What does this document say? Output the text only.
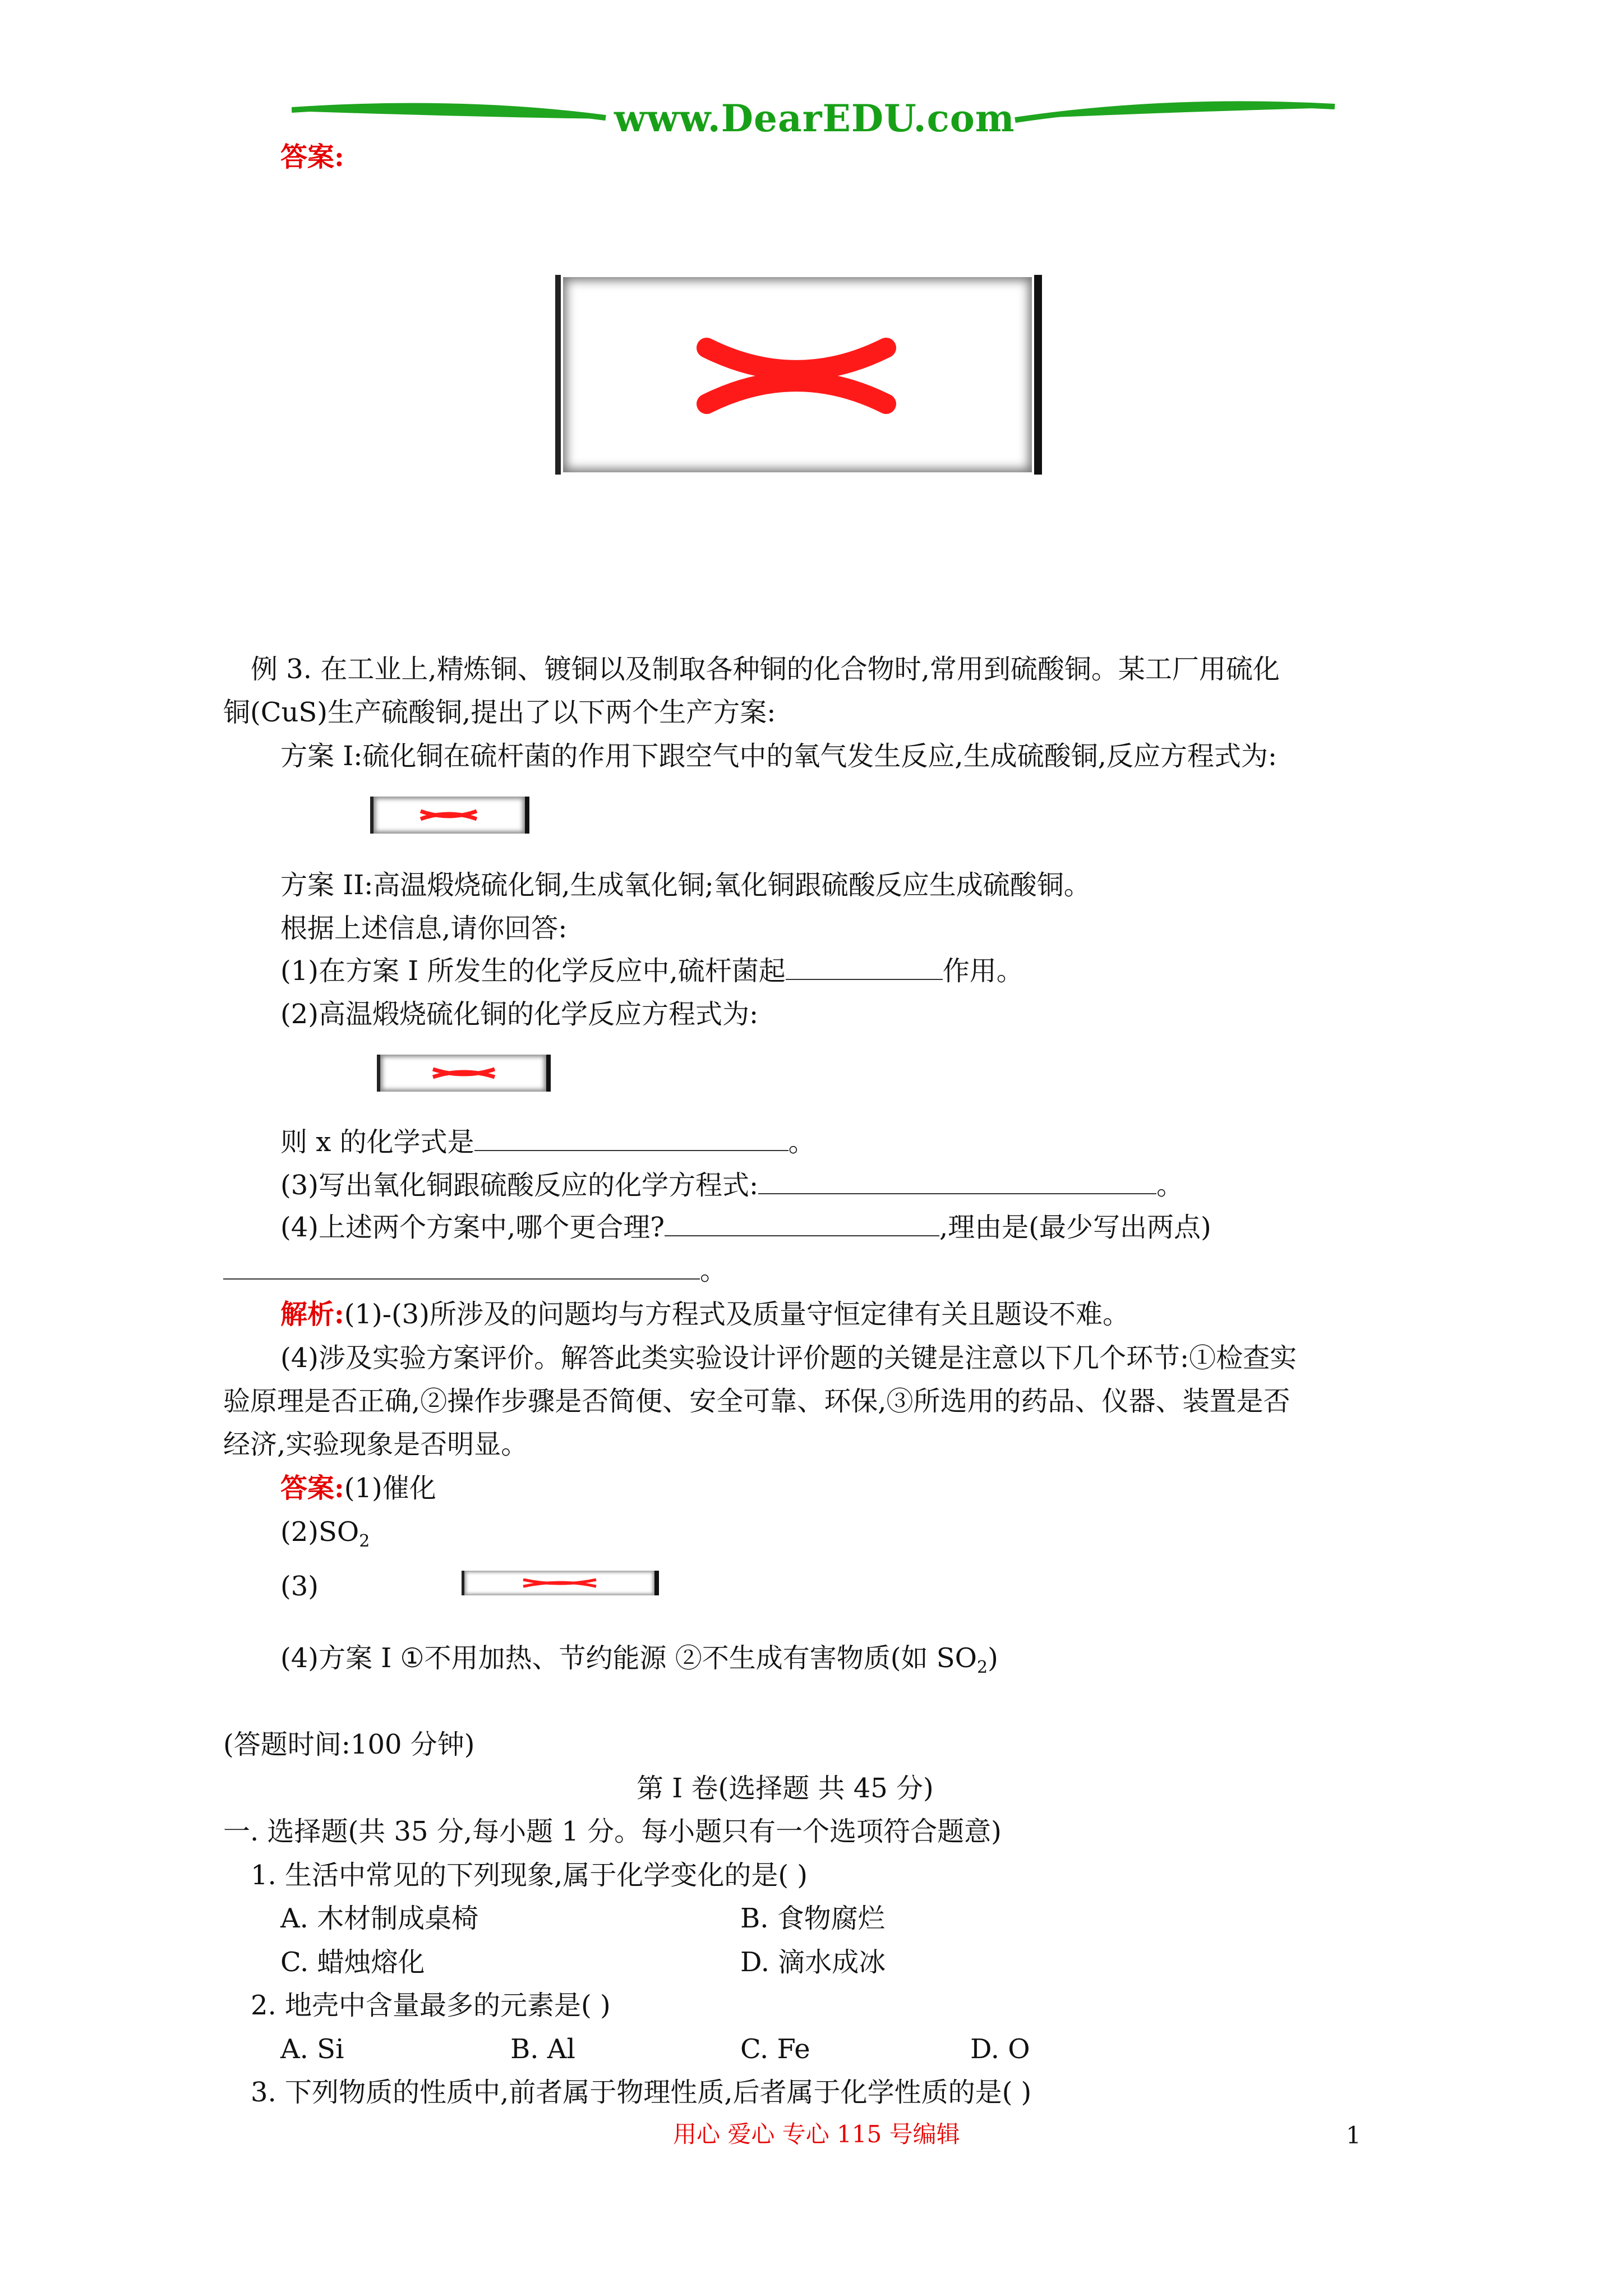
www.DearEDU.com
答案:
例 3. 在工业上,精炼铜、镀铜以及制取各种铜的化合物时,常用到硫酸铜。某工厂用硫化
铜(CuS)生产硫酸铜,提出了以下两个生产方案:
方案 I:硫化铜在硫杆菌的作用下跟空气中的氧气发生反应,生成硫酸铜,反应方程式为:
方案 II:高温煅烧硫化铜,生成氧化铜;氧化铜跟硫酸反应生成硫酸铜。
根据上述信息,请你回答:
(1)在方案 I 所发生的化学反应中,硫杆菌起	作用。
(2)高温煅烧硫化铜的化学反应方程式为:
则 x 的化学式是	。
(3)写出氧化铜跟硫酸反应的化学方程式:	。
(4)上述两个方案中,哪个更合理?	,理由是(最少写出两点)
。
解析:(1)-(3)所涉及的问题均与方程式及质量守恒定律有关且题设不难。
(4)涉及实验方案评价。解答此类实验设计评价题的关键是注意以下几个环节:①检查实
验原理是否正确,②操作步骤是否简便、安全可靠、环保,③所选用的药品、仪器、装置是否
经济,实验现象是否明显。
答案:(1)催化
$(2)SO_2$
(3)
(4)方案 I ①不用加热、节约能源 ②不生成有害物质(如 $SO_2$)
(答题时间:100 分钟)
第 I 卷(选择题 共 45 分)
一. 选择题(共 35 分,每小题 1 分。每小题只有一个选项符合题意)
1. 生活中常见的下列现象,属于化学变化的是( )
A. 木材制成桌椅	B. 食物腐烂
C. 蜡烛熔化	D. 滴水成冰
2. 地壳中含量最多的元素是( )
A. Si	B. Al	C. Fe	D. O
3. 下列物质的性质中,前者属于物理性质,后者属于化学性质的是( )
用心 爱心 专心 115 号编辑	1
